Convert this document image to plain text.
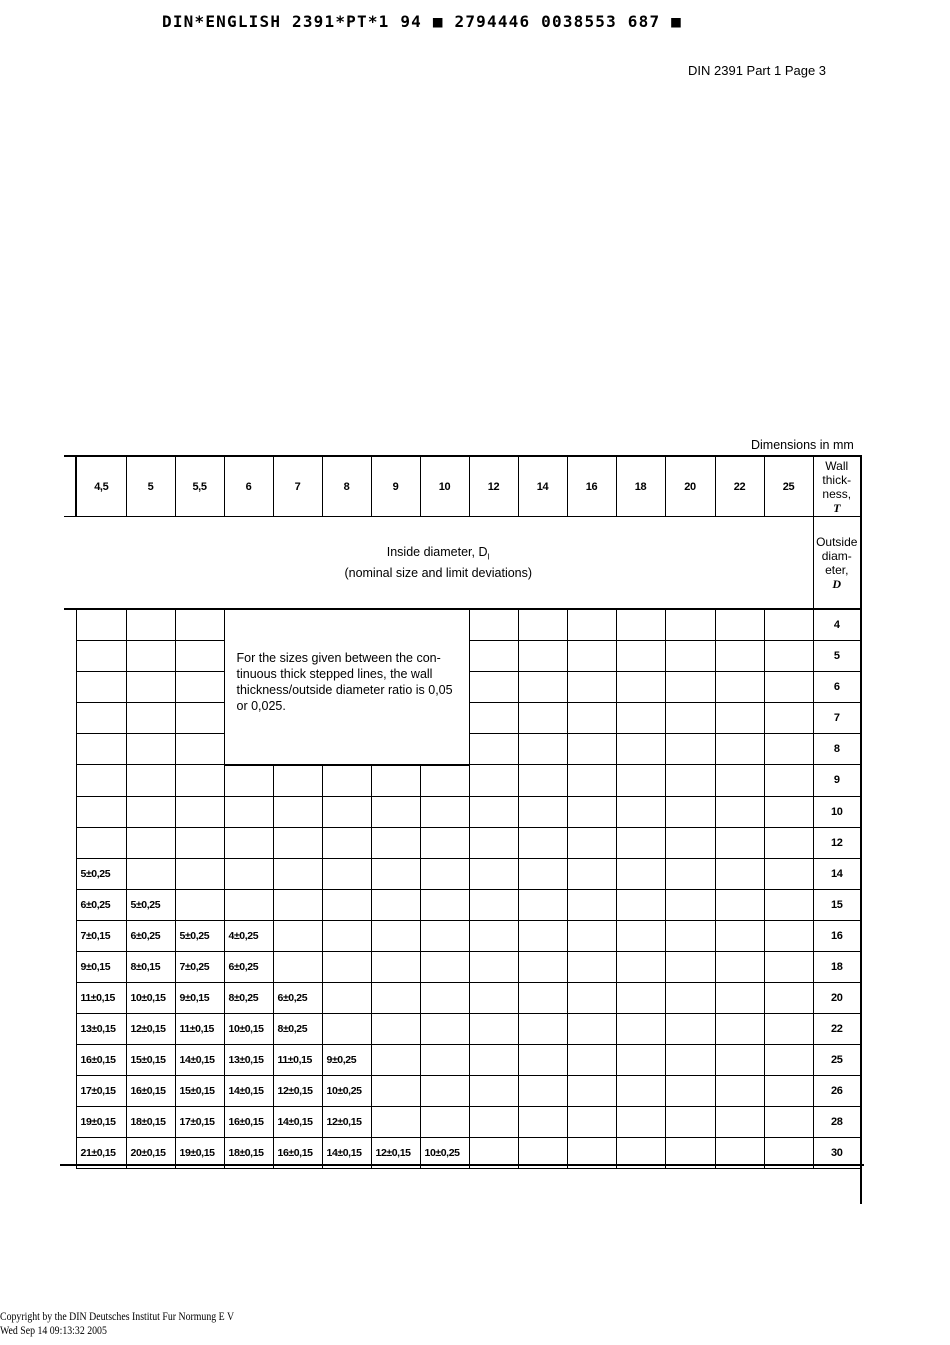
DIN*ENGLISH 2391*PT*1 94 ■ 2794446 0038553 687 ■
DIN 2391 Part 1 Page 3
Dimensions in mm
	4,5	5	5,5	6	7	8	9	10	12	14	16	18	20	22	25	Wall
thick-
ness,
T
Inside diameter, $D_I$
(nominal size and limit deviations)																Outside
diam-
eter,
D
				For the sizes given between the con-tinuous thick stepped lines, the wall thickness/outside diameter ratio is 0,05 or 0,025.												4
																5
																6
																7
																8
																9
																10
																12
	5±0,25															14
	6±0,25	5±0,25														15
	7±0,15	6±0,25	5±0,25	4±0,25												16
	9±0,15	8±0,15	7±0,25	6±0,25												18
	11±0,15	10±0,15	9±0,15	8±0,25	6±0,25											20
	13±0,15	12±0,15	11±0,15	10±0,15	8±0,25											22
	16±0,15	15±0,15	14±0,15	13±0,15	11±0,15	9±0,25										25
	17±0,15	16±0,15	15±0,15	14±0,15	12±0,15	10±0,25										26
	19±0,15	18±0,15	17±0,15	16±0,15	14±0,15	12±0,15										28
	21±0,15	20±0,15	19±0,15	18±0,15	16±0,15	14±0,15	12±0,15	10±0,25								30
Copyright by the DIN Deutsches Institut Fur Normung E V
Wed Sep 14 09:13:32 2005
